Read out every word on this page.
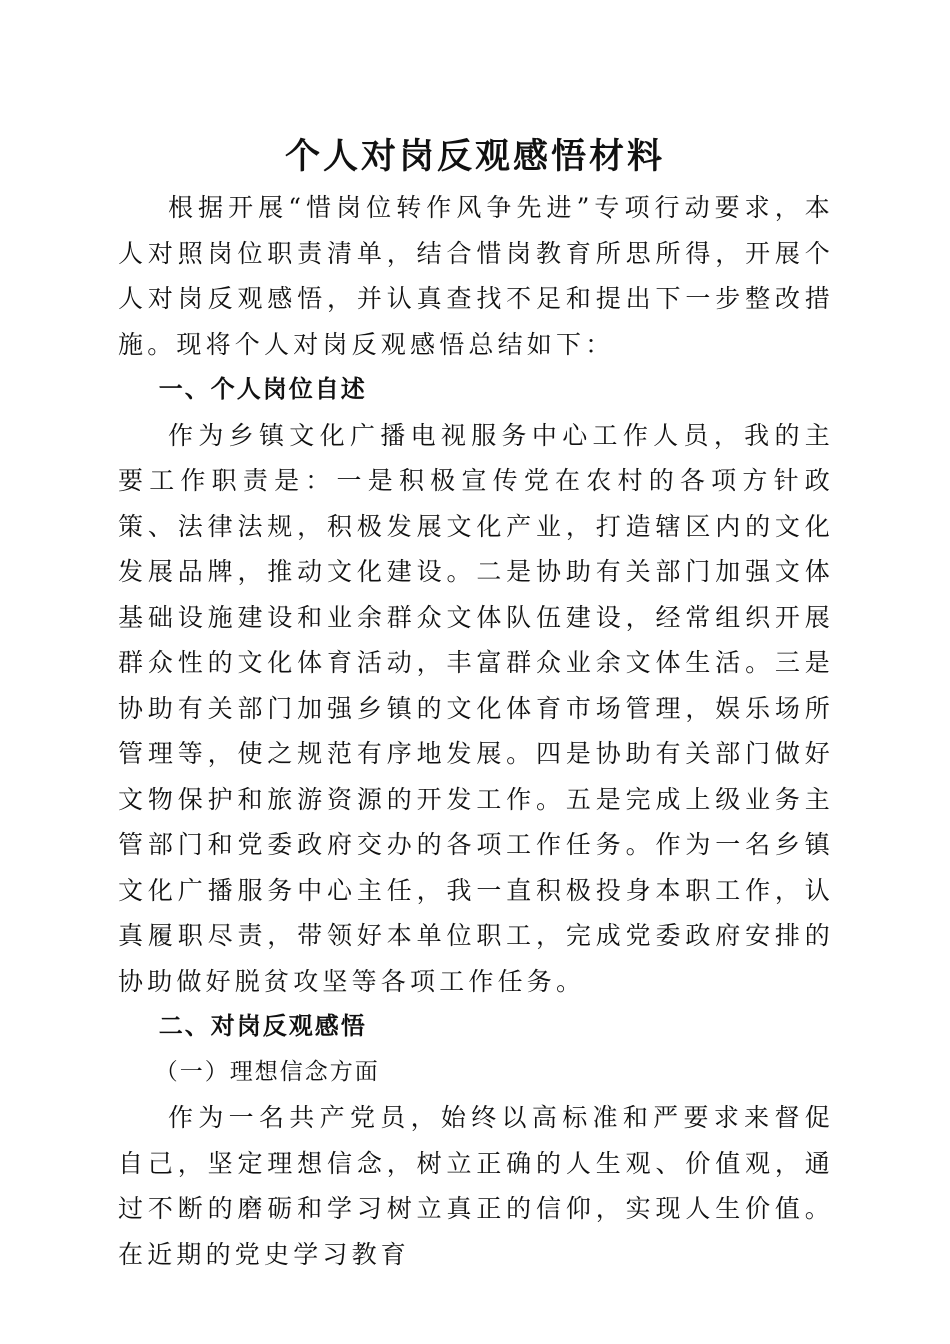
个人对岗反观感悟材料

根据开展“惜岗位转作风争先进”专项行动要求，本人对照岗位职责清单，结合惜岗教育所思所得，开展个人对岗反观感悟，并认真查找不足和提出下一步整改措施。现将个人对岗反观感悟总结如下：

一、个人岗位自述

作为乡镇文化广播电视服务中心工作人员，我的主要工作职责是：一是积极宣传党在农村的各项方针政策、法律法规，积极发展文化产业，打造辖区内的文化发展品牌，推动文化建设。二是协助有关部门加强文体基础设施建设和业余群众文体队伍建设，经常组织开展群众性的文化体育活动，丰富群众业余文体生活。三是协助有关部门加强乡镇的文化体育市场管理，娱乐场所管理等，使之规范有序地发展。四是协助有关部门做好文物保护和旅游资源的开发工作。五是完成上级业务主管部门和党委政府交办的各项工作任务。作为一名乡镇文化广播服务中心主任，我一直积极投身本职工作，认真履职尽责，带领好本单位职工，完成党委政府安排的协助做好脱贫攻坚等各项工作任务。

二、对岗反观感悟
（一）理想信念方面

作为一名共产党员，始终以高标准和严要求来督促自己，坚定理想信念，树立正确的人生观、价值观，通过不断的磨砺和学习树立真正的信仰，实现人生价值。在近期的党史学习教育
